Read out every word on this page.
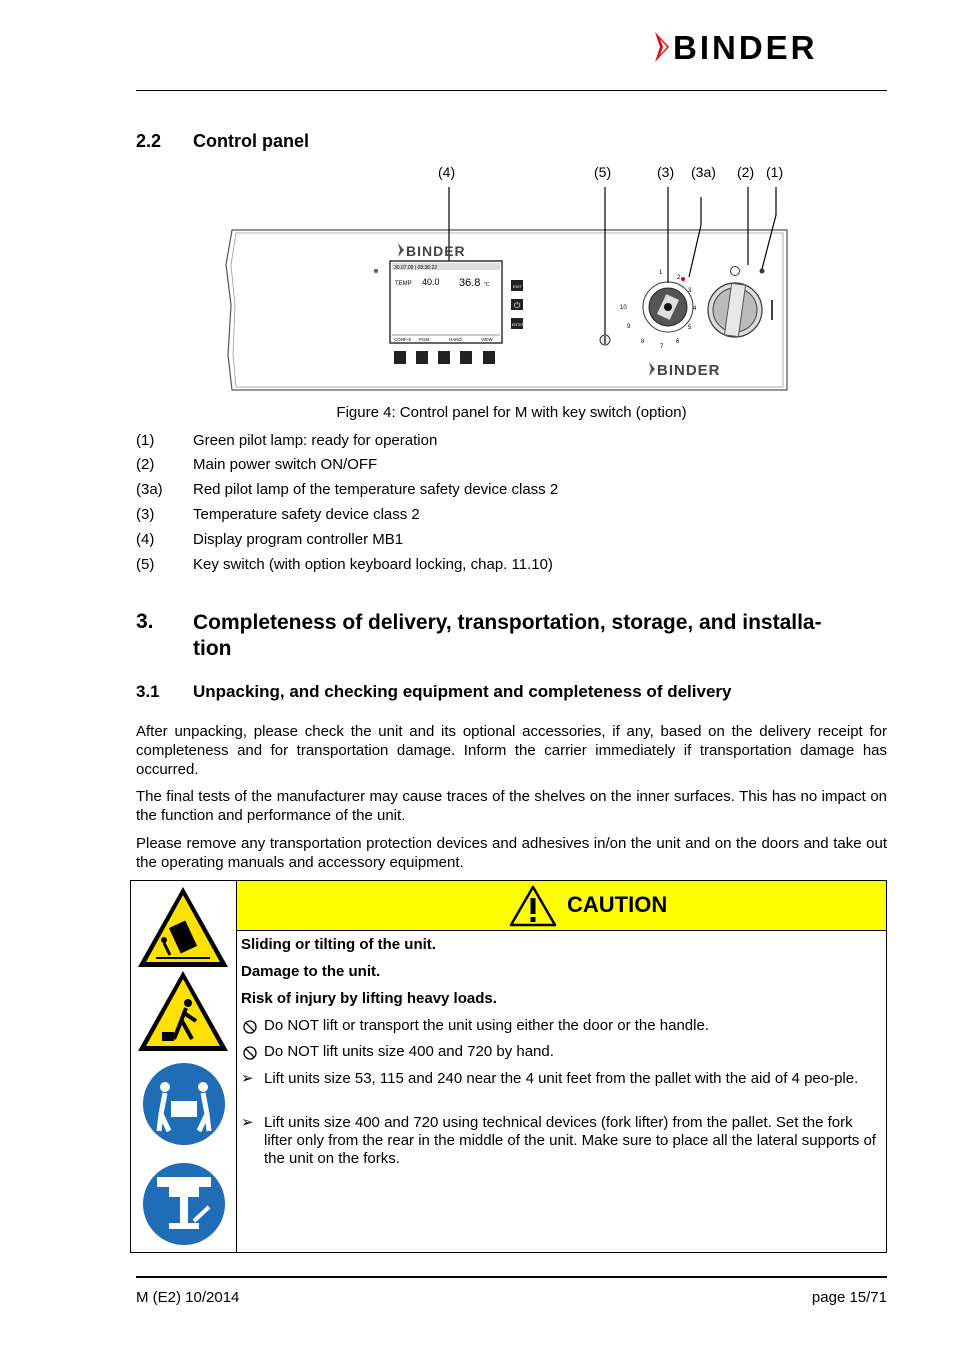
BINDER
2.2 Control panel
(4)	(5)	(3) (3a) (2) (1)
BINDER
30.07.09 | 08:36:22
TEMP 40.0 36.8 °C
CONF-S PGM	HAND	VIEW
EXIT
⏻
ENTER
1
2
3
4
5
6
7
8
9
10
BINDER
Figure 4: Control panel for M with key switch (option)
(1)	Green pilot lamp: ready for operation
(2)	Main power switch ON/OFF
(3a) Red pilot lamp of the temperature safety device class 2
(3)	Temperature safety device class 2
(4)	Display program controller MB1
(5)	Key switch (with option keyboard locking, chap. 11.10)
3. Completeness of delivery, transportation, storage, and installa-
tion
3.1 Unpacking, and checking equipment and completeness of delivery
After unpacking, please check the unit and its optional accessories, if any, based on the delivery receipt for completeness and for transportation damage. Inform the carrier immediately if transportation damage has occurred.
The final tests of the manufacturer may cause traces of the shelves on the inner surfaces. This has no impact on the function and performance of the unit.
Please remove any transportation protection devices and adhesives in/on the unit and on the doors and take out the operating manuals and accessory equipment.
CAUTION
Sliding or tilting of the unit.
Damage to the unit.
Risk of injury by lifting heavy loads.
Do NOT lift or transport the unit using either the door or the handle.
Do NOT lift units size 400 and 720 by hand.
➢ Lift units size 53, 115 and 240 near the 4 unit feet from the pallet with the aid of 4 peo-ple.
➢ Lift units size 400 and 720 using technical devices (fork lifter) from the pallet. Set the fork lifter only from the rear in the middle of the unit. Make sure to place all the lateral supports of the unit on the forks.
M (E2) 10/2014	page 15/71
